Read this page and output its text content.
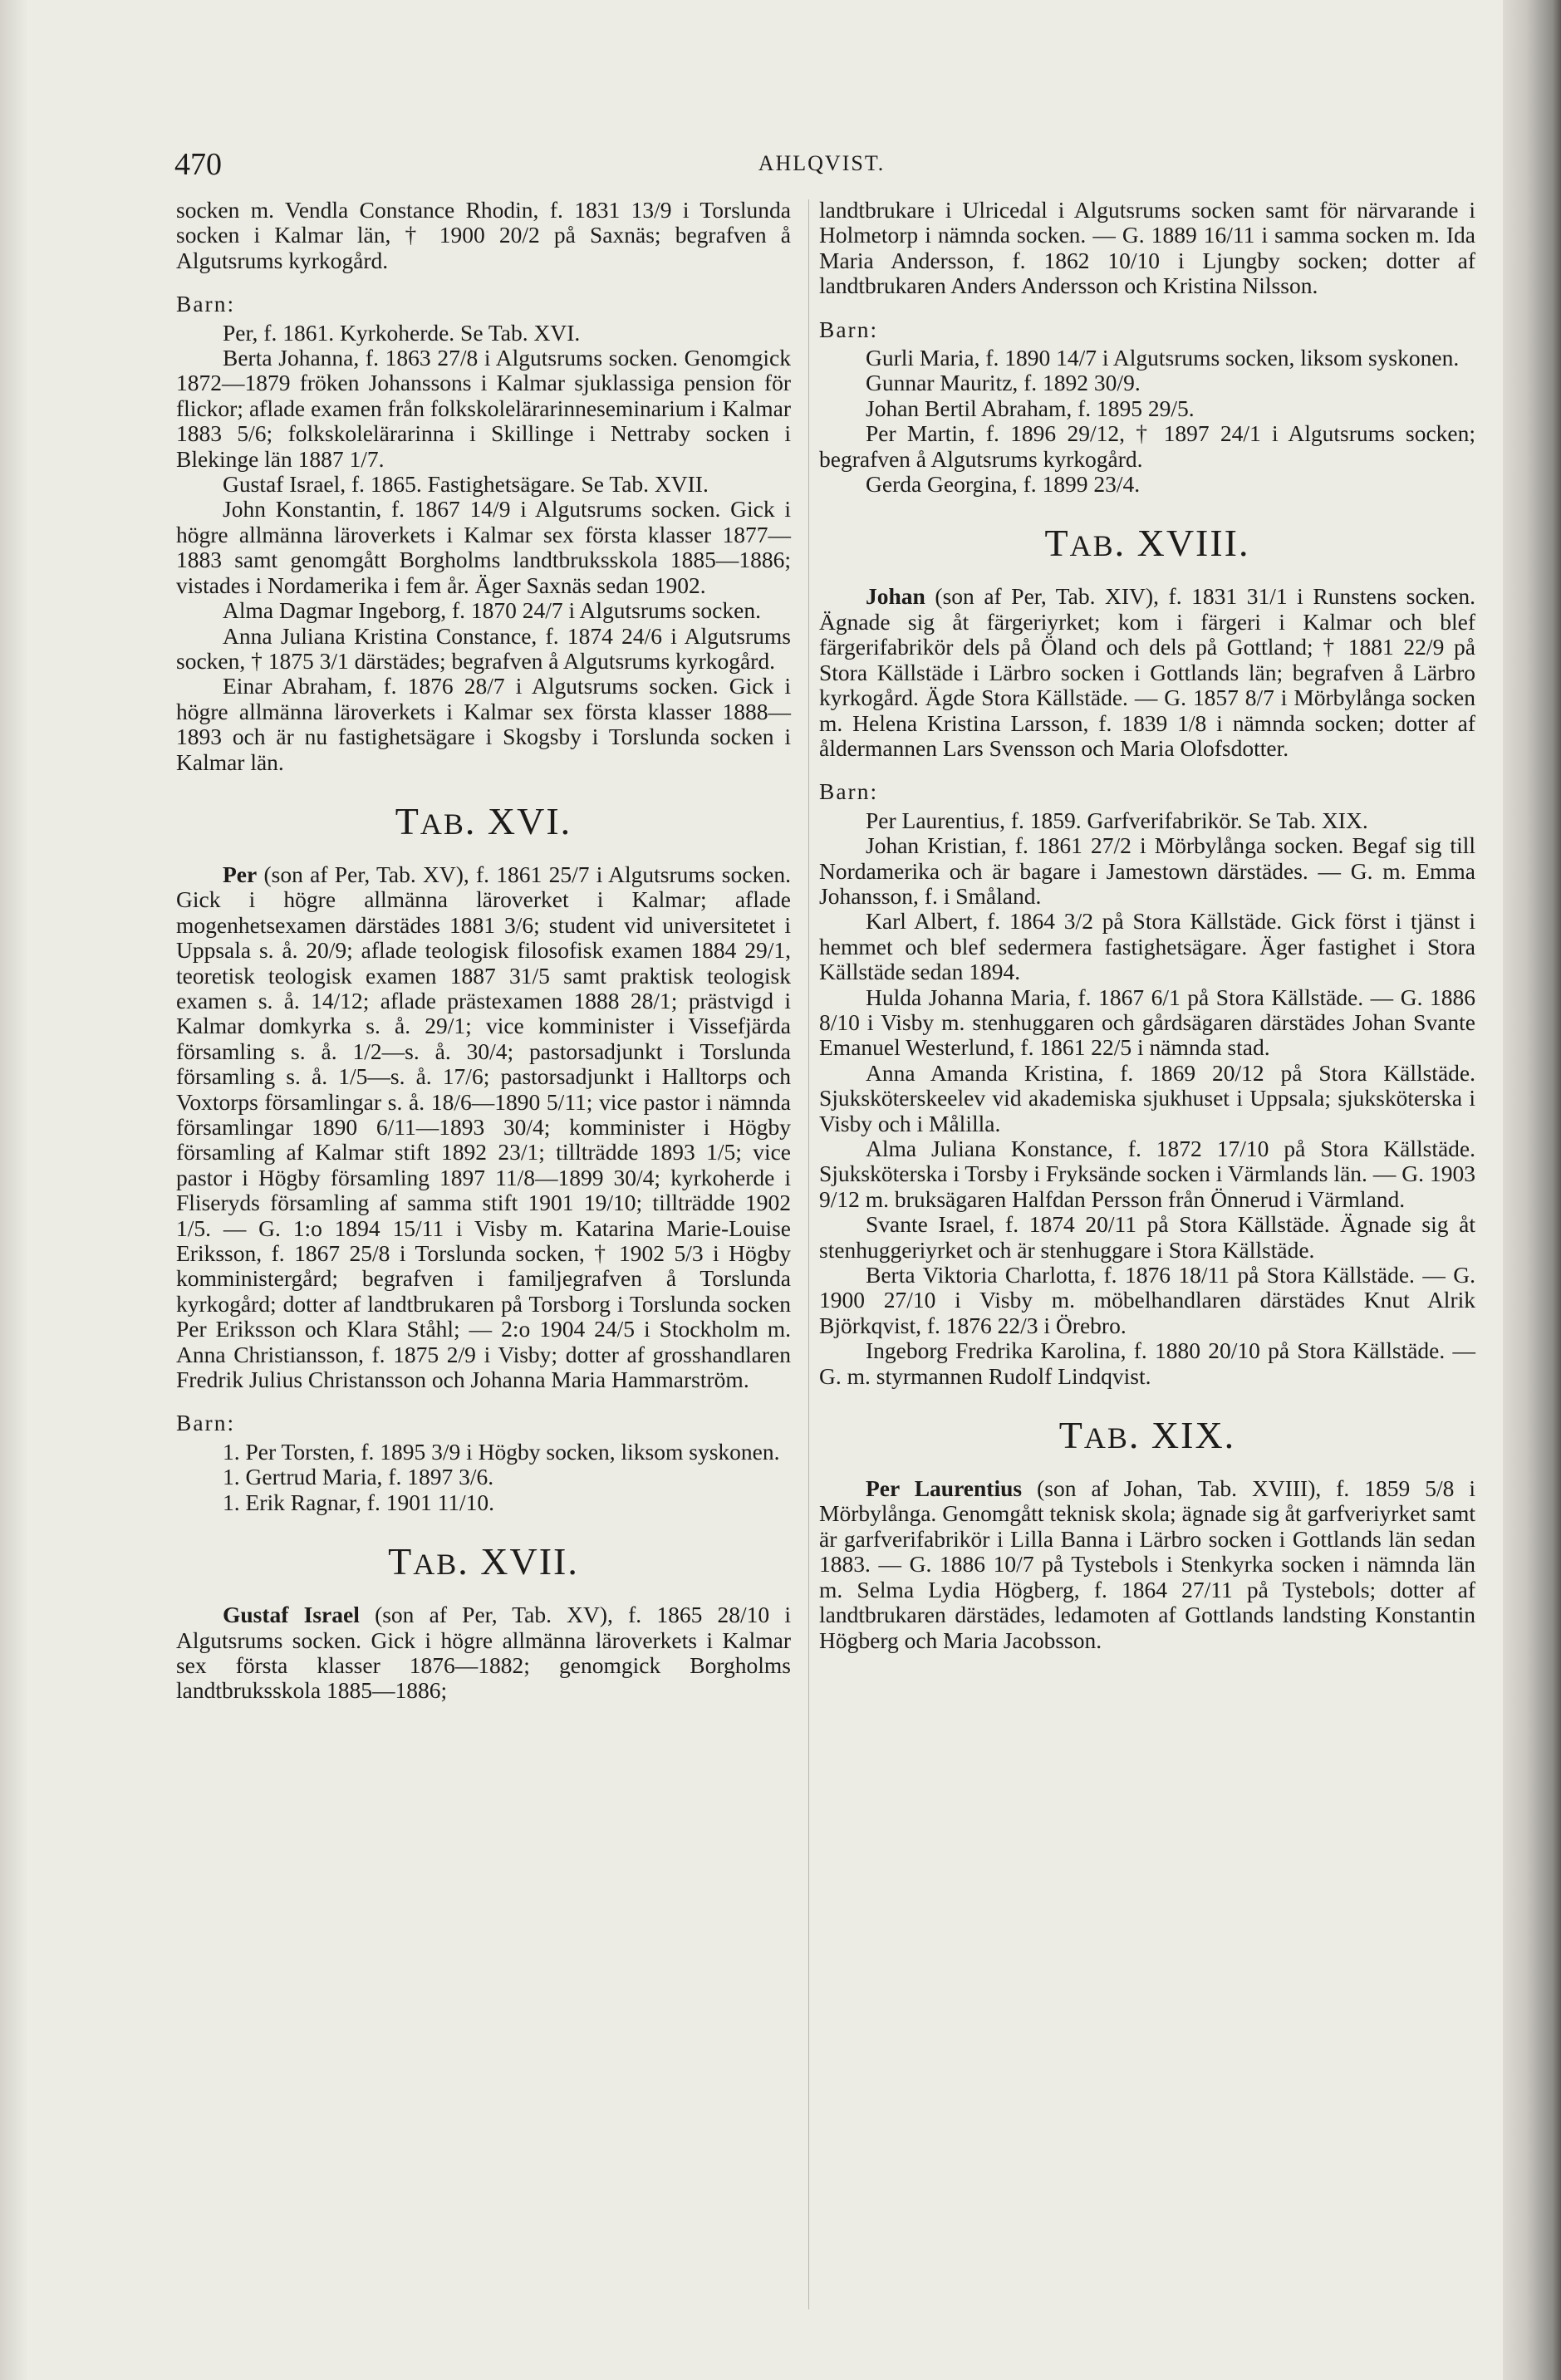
470	AHLQVIST.

socken m. Vendla Constance Rhodin, f. 1831 13/9 i Torslunda socken i Kalmar län, † 1900 20/2 på Saxnäs; begrafven å Algutsrums kyrkogård.

Barn:

Per, f. 1861. Kyrkoherde. Se Tab. XVI.

Berta Johanna, f. 1863 27/8 i Algutsrums socken. Genomgick 1872—1879 fröken Johanssons i Kalmar sjuklassiga pension för flickor; aflade examen från folkskolelärarinneseminarium i Kalmar 1883 5/6; folkskolelärarinna i Skillinge i Nettraby socken i Blekinge län 1887 1/7.

Gustaf Israel, f. 1865. Fastighetsägare. Se Tab. XVII.

John Konstantin, f. 1867 14/9 i Algutsrums socken. Gick i högre allmänna läroverkets i Kalmar sex första klasser 1877—1883 samt genomgått Borgholms landtbruksskola 1885—1886; vistades i Nordamerika i fem år. Äger Saxnäs sedan 1902.

Alma Dagmar Ingeborg, f. 1870 24/7 i Algutsrums socken.

Anna Juliana Kristina Constance, f. 1874 24/6 i Algutsrums socken, † 1875 3/1 därstädes; begrafven å Algutsrums kyrkogård.

Einar Abraham, f. 1876 28/7 i Algutsrums socken. Gick i högre allmänna läroverkets i Kalmar sex första klasser 1888—1893 och är nu fastighetsägare i Skogsby i Torslunda socken i Kalmar län.

TAB. XVI.

Per (son af Per, Tab. XV), f. 1861 25/7 i Algutsrums socken. Gick i högre allmänna läroverket i Kalmar; aflade mogenhetsexamen därstädes 1881 3/6; student vid universitetet i Uppsala s. å. 20/9; aflade teologisk filosofisk examen 1884 29/1, teoretisk teologisk examen 1887 31/5 samt praktisk teologisk examen s. å. 14/12; aflade prästexamen 1888 28/1; prästvigd i Kalmar domkyrka s. å. 29/1; vice komminister i Vissefjärda församling s. å. 1/2—s. å. 30/4; pastorsadjunkt i Torslunda församling s. å. 1/5—s. å. 17/6; pastorsadjunkt i Halltorps och Voxtorps församlingar s. å. 18/6—1890 5/11; vice pastor i nämnda församlingar 1890 6/11—1893 30/4; komminister i Högby församling af Kalmar stift 1892 23/1; tillträdde 1893 1/5; vice pastor i Högby församling 1897 11/8—1899 30/4; kyrkoherde i Fliseryds församling af samma stift 1901 19/10; tillträdde 1902 1/5. — G. 1:o 1894 15/11 i Visby m. Katarina Marie-Louise Eriksson, f. 1867 25/8 i Torslunda socken, † 1902 5/3 i Högby komministergård; begrafven i familjegrafven å Torslunda kyrkogård; dotter af landtbrukaren på Torsborg i Torslunda socken Per Eriksson och Klara Ståhl; — 2:o 1904 24/5 i Stockholm m. Anna Christiansson, f. 1875 2/9 i Visby; dotter af grosshandlaren Fredrik Julius Christansson och Johanna Maria Hammarström.

Barn:

1. Per Torsten, f. 1895 3/9 i Högby socken, liksom syskonen.

1. Gertrud Maria, f. 1897 3/6.

1. Erik Ragnar, f. 1901 11/10.

TAB. XVII.

Gustaf Israel (son af Per, Tab. XV), f. 1865 28/10 i Algutsrums socken. Gick i högre allmänna läroverkets i Kalmar sex första klasser 1876—1882; genomgick Borgholms landtbruksskola 1885—1886;

landtbrukare i Ulricedal i Algutsrums socken samt för närvarande i Holmetorp i nämnda socken. — G. 1889 16/11 i samma socken m. Ida Maria Andersson, f. 1862 10/10 i Ljungby socken; dotter af landtbrukaren Anders Andersson och Kristina Nilsson.

Barn:

Gurli Maria, f. 1890 14/7 i Algutsrums socken, liksom syskonen.

Gunnar Mauritz, f. 1892 30/9.

Johan Bertil Abraham, f. 1895 29/5.

Per Martin, f. 1896 29/12, † 1897 24/1 i Algutsrums socken; begrafven å Algutsrums kyrkogård.

Gerda Georgina, f. 1899 23/4.

TAB. XVIII.

Johan (son af Per, Tab. XIV), f. 1831 31/1 i Runstens socken. Ägnade sig åt färgeriyrket; kom i färgeri i Kalmar och blef färgerifabrikör dels på Öland och dels på Gottland; † 1881 22/9 på Stora Källstäde i Lärbro socken i Gottlands län; begrafven å Lärbro kyrkogård. Ägde Stora Källstäde. — G. 1857 8/7 i Mörbylånga socken m. Helena Kristina Larsson, f. 1839 1/8 i nämnda socken; dotter af åldermannen Lars Svensson och Maria Olofsdotter.

Barn:

Per Laurentius, f. 1859. Garfverifabrikör. Se Tab. XIX.

Johan Kristian, f. 1861 27/2 i Mörbylånga socken. Begaf sig till Nordamerika och är bagare i Jamestown därstädes. — G. m. Emma Johansson, f. i Småland.

Karl Albert, f. 1864 3/2 på Stora Källstäde. Gick först i tjänst i hemmet och blef sedermera fastighetsägare. Äger fastighet i Stora Källstäde sedan 1894.

Hulda Johanna Maria, f. 1867 6/1 på Stora Källstäde. — G. 1886 8/10 i Visby m. stenhuggaren och gårdsägaren därstädes Johan Svante Emanuel Westerlund, f. 1861 22/5 i nämnda stad.

Anna Amanda Kristina, f. 1869 20/12 på Stora Källstäde. Sjuksköterskeelev vid akademiska sjukhuset i Uppsala; sjuksköterska i Visby och i Målilla.

Alma Juliana Konstance, f. 1872 17/10 på Stora Källstäde. Sjuksköterska i Torsby i Fryksände socken i Värmlands län. — G. 1903 9/12 m. bruksägaren Halfdan Persson från Önnerud i Värmland.

Svante Israel, f. 1874 20/11 på Stora Källstäde. Ägnade sig åt stenhuggeriyrket och är stenhuggare i Stora Källstäde.

Berta Viktoria Charlotta, f. 1876 18/11 på Stora Källstäde. — G. 1900 27/10 i Visby m. möbelhandlaren därstädes Knut Alrik Björkqvist, f. 1876 22/3 i Örebro.

Ingeborg Fredrika Karolina, f. 1880 20/10 på Stora Källstäde. — G. m. styrmannen Rudolf Lindqvist.

TAB. XIX.

Per Laurentius (son af Johan, Tab. XVIII), f. 1859 5/8 i Mörbylånga. Genomgått teknisk skola; ägnade sig åt garfveriyrket samt är garfverifabrikör i Lilla Banna i Lärbro socken i Gottlands län sedan 1883. — G. 1886 10/7 på Tystebols i Stenkyrka socken i nämnda län m. Selma Lydia Högberg, f. 1864 27/11 på Tystebols; dotter af landtbrukaren därstädes, ledamoten af Gottlands landsting Konstantin Högberg och Maria Jacobsson.
